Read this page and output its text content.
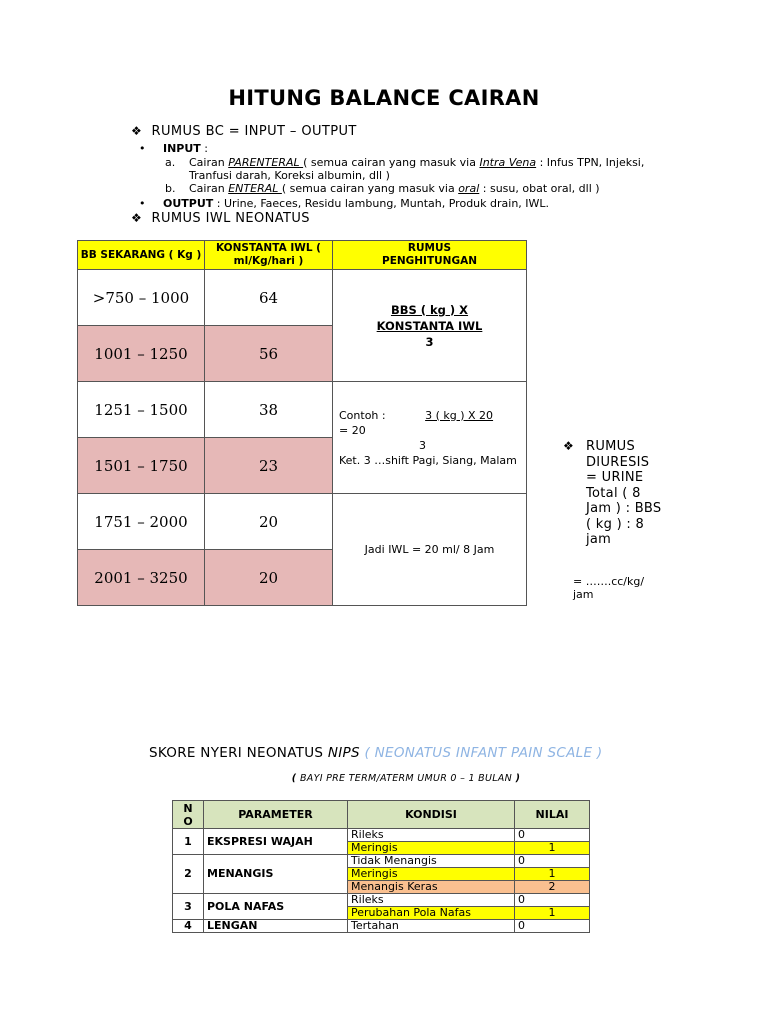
HITUNG BALANCE CAIRAN
❖ RUMUS BC = INPUT – OUTPUT
• INPUT :
a. Cairan PARENTERAL ( semua cairan yang masuk via Intra Vena : Infus TPN, Injeksi, Tranfusi darah, Koreksi albumin, dll )
b. Cairan ENTERAL ( semua cairan yang masuk via oral : susu, obat oral, dll )
• OUTPUT : Urine, Faeces, Residu lambung, Muntah, Produk drain, IWL.
❖ RUMUS IWL NEONATUS
BB SEKARANG ( Kg )	KONSTANTA IWL ( ml/Kg/hari )	RUMUS PENGHITUNGAN
>750 – 1000	64	BBS ( kg ) X
KONSTANTA IWL
3

1001 – 1250	56	
1251 – 1500	38	Contoh : 3 ( kg ) X 20
= 20
3
Ket. 3 …shift Pagi, Siang, Malam

1501 – 1750	23	
1751 – 2000	20	Jadi IWL = 20 ml/ 8 Jam
2001 – 3250	20	
❖ RUMUS
DIURESIS
= URINE
Total ( 8
Jam ) : BBS
( kg ) : 8
jam
= …….cc/kg/
jam
SKORE NYERI NEONATUS NIPS ( NEONATUS INFANT PAIN SCALE )
( BAYI PRE TERM/ATERM UMUR 0 – 1 BULAN )
N O	PARAMETER	KONDISI	NILAI
1	EKSPRESI WAJAH	Rileks	0
		Meringis	1
2	MENANGIS	Tidak Menangis	0
		Meringis	1
		Menangis Keras	2
3	POLA NAFAS	Rileks	0
		Perubahan Pola Nafas	1
4	LENGAN	Tertahan	0
